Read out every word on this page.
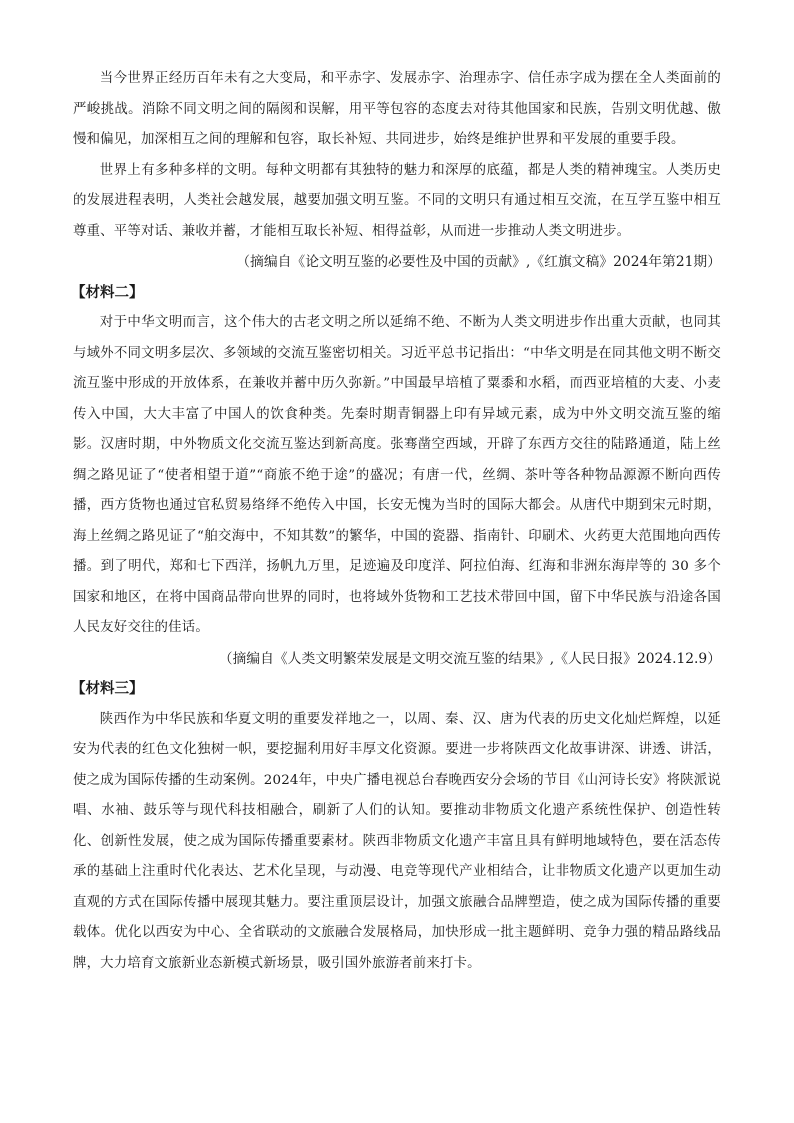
当今世界正经历百年未有之大变局，和平赤字、发展赤字、治理赤字、信任赤字成为摆在全人类面前的严峻挑战。消除不同文明之间的隔阂和误解，用平等包容的态度去对待其他国家和民族，告别文明优越、傲慢和偏见，加深相互之间的理解和包容，取长补短、共同进步，始终是维护世界和平发展的重要手段。

世界上有多种多样的文明。每种文明都有其独特的魅力和深厚的底蕴，都是人类的精神瑰宝。人类历史的发展进程表明，人类社会越发展，越要加强文明互鉴。不同的文明只有通过相互交流，在互学互鉴中相互尊重、平等对话、兼收并蓄，才能相互取长补短、相得益彰，从而进一步推动人类文明进步。

（摘编自《论文明互鉴的必要性及中国的贡献》,《红旗文稿》2024年第21期）

【材料二】

对于中华文明而言，这个伟大的古老文明之所以延绵不绝、不断为人类文明进步作出重大贡献，也同其与域外不同文明多层次、多领域的交流互鉴密切相关。习近平总书记指出：“中华文明是在同其他文明不断交流互鉴中形成的开放体系，在兼收并蓄中历久弥新。”中国最早培植了粟黍和水稻，而西亚培植的大麦、小麦传入中国，大大丰富了中国人的饮食种类。先秦时期青铜器上印有异域元素，成为中外文明交流互鉴的缩影。汉唐时期，中外物质文化交流互鉴达到新高度。张骞凿空西域，开辟了东西方交往的陆路通道，陆上丝绸之路见证了“使者相望于道”“商旅不绝于途”的盛况；有唐一代，丝绸、茶叶等各种物品源源不断向西传播，西方货物也通过官私贸易络绎不绝传入中国，长安无愧为当时的国际大都会。从唐代中期到宋元时期，海上丝绸之路见证了“舶交海中，不知其数”的繁华，中国的瓷器、指南针、印刷术、火药更大范围地向西传播。到了明代，郑和七下西洋，扬帆九万里，足迹遍及印度洋、阿拉伯海、红海和非洲东海岸等的 30 多个国家和地区，在将中国商品带向世界的同时，也将域外货物和工艺技术带回中国，留下中华民族与沿途各国人民友好交往的佳话。

（摘编自《人类文明繁荣发展是文明交流互鉴的结果》,《人民日报》2024.12.9）

【材料三】

陕西作为中华民族和华夏文明的重要发祥地之一，以周、秦、汉、唐为代表的历史文化灿烂辉煌，以延安为代表的红色文化独树一帜，要挖掘利用好丰厚文化资源。要进一步将陕西文化故事讲深、讲透、讲活，使之成为国际传播的生动案例。2024年，中央广播电视总台春晚西安分会场的节目《山河诗长安》将陕派说唱、水袖、鼓乐等与现代科技相融合，刷新了人们的认知。要推动非物质文化遗产系统性保护、创造性转化、创新性发展，使之成为国际传播重要素材。陕西非物质文化遗产丰富且具有鲜明地域特色，要在活态传承的基础上注重时代化表达、艺术化呈现，与动漫、电竞等现代产业相结合，让非物质文化遗产以更加生动直观的方式在国际传播中展现其魅力。要注重顶层设计，加强文旅融合品牌塑造，使之成为国际传播的重要载体。优化以西安为中心、全省联动的文旅融合发展格局，加快形成一批主题鲜明、竞争力强的精品路线品牌，大力培育文旅新业态新模式新场景，吸引国外旅游者前来打卡。
